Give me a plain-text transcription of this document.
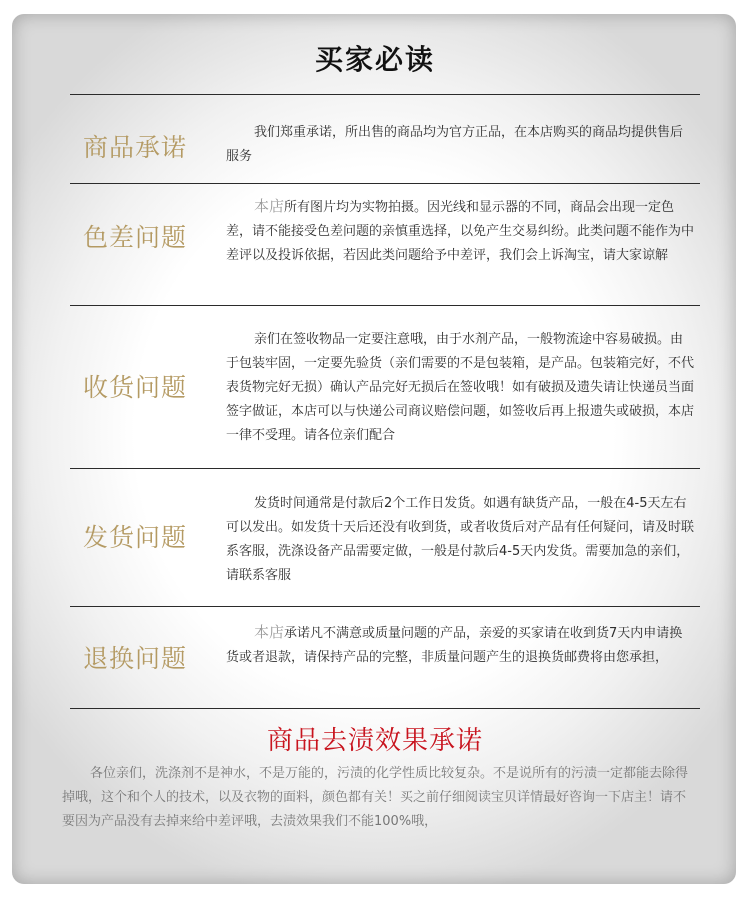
买家必读
商品承诺
我们郑重承诺，所出售的商品均为官方正品，在本店购买的商品均提供售后服务
色差问题
本店所有图片均为实物拍摄。因光线和显示器的不同，商品会出现一定色差，请不能接受色差问题的亲慎重选择，以免产生交易纠纷。此类问题不能作为中差评以及投诉依据，若因此类问题给予中差评，我们会上诉淘宝，请大家谅解
收货问题
亲们在签收物品一定要注意哦，由于水剂产品，一般物流途中容易破损。由于包装牢固，一定要先验货（亲们需要的不是包装箱，是产品。包装箱完好，不代表货物完好无损）确认产品完好无损后在签收哦！如有破损及遗失请让快递员当面签字做证，本店可以与快递公司商议赔偿问题，如签收后再上报遗失或破损，本店一律不受理。请各位亲们配合
发货问题
发货时间通常是付款后2个工作日发货。如遇有缺货产品，一般在4-5天左右可以发出。如发货十天后还没有收到货，或者收货后对产品有任何疑问，请及时联系客服，洗涤设备产品需要定做，一般是付款后4-5天内发货。需要加急的亲们，请联系客服
退换问题
本店承诺凡不满意或质量问题的产品，亲爱的买家请在收到货7天内申请换货或者退款，请保持产品的完整，非质量问题产生的退换货邮费将由您承担，
商品去渍效果承诺
各位亲们，洗涤剂不是神水，不是万能的，污渍的化学性质比较复杂。不是说所有的污渍一定都能去除得掉哦，这个和个人的技术，以及衣物的面料，颜色都有关！买之前仔细阅读宝贝详情最好咨询一下店主！请不要因为产品没有去掉来给中差评哦，去渍效果我们不能100%哦，
